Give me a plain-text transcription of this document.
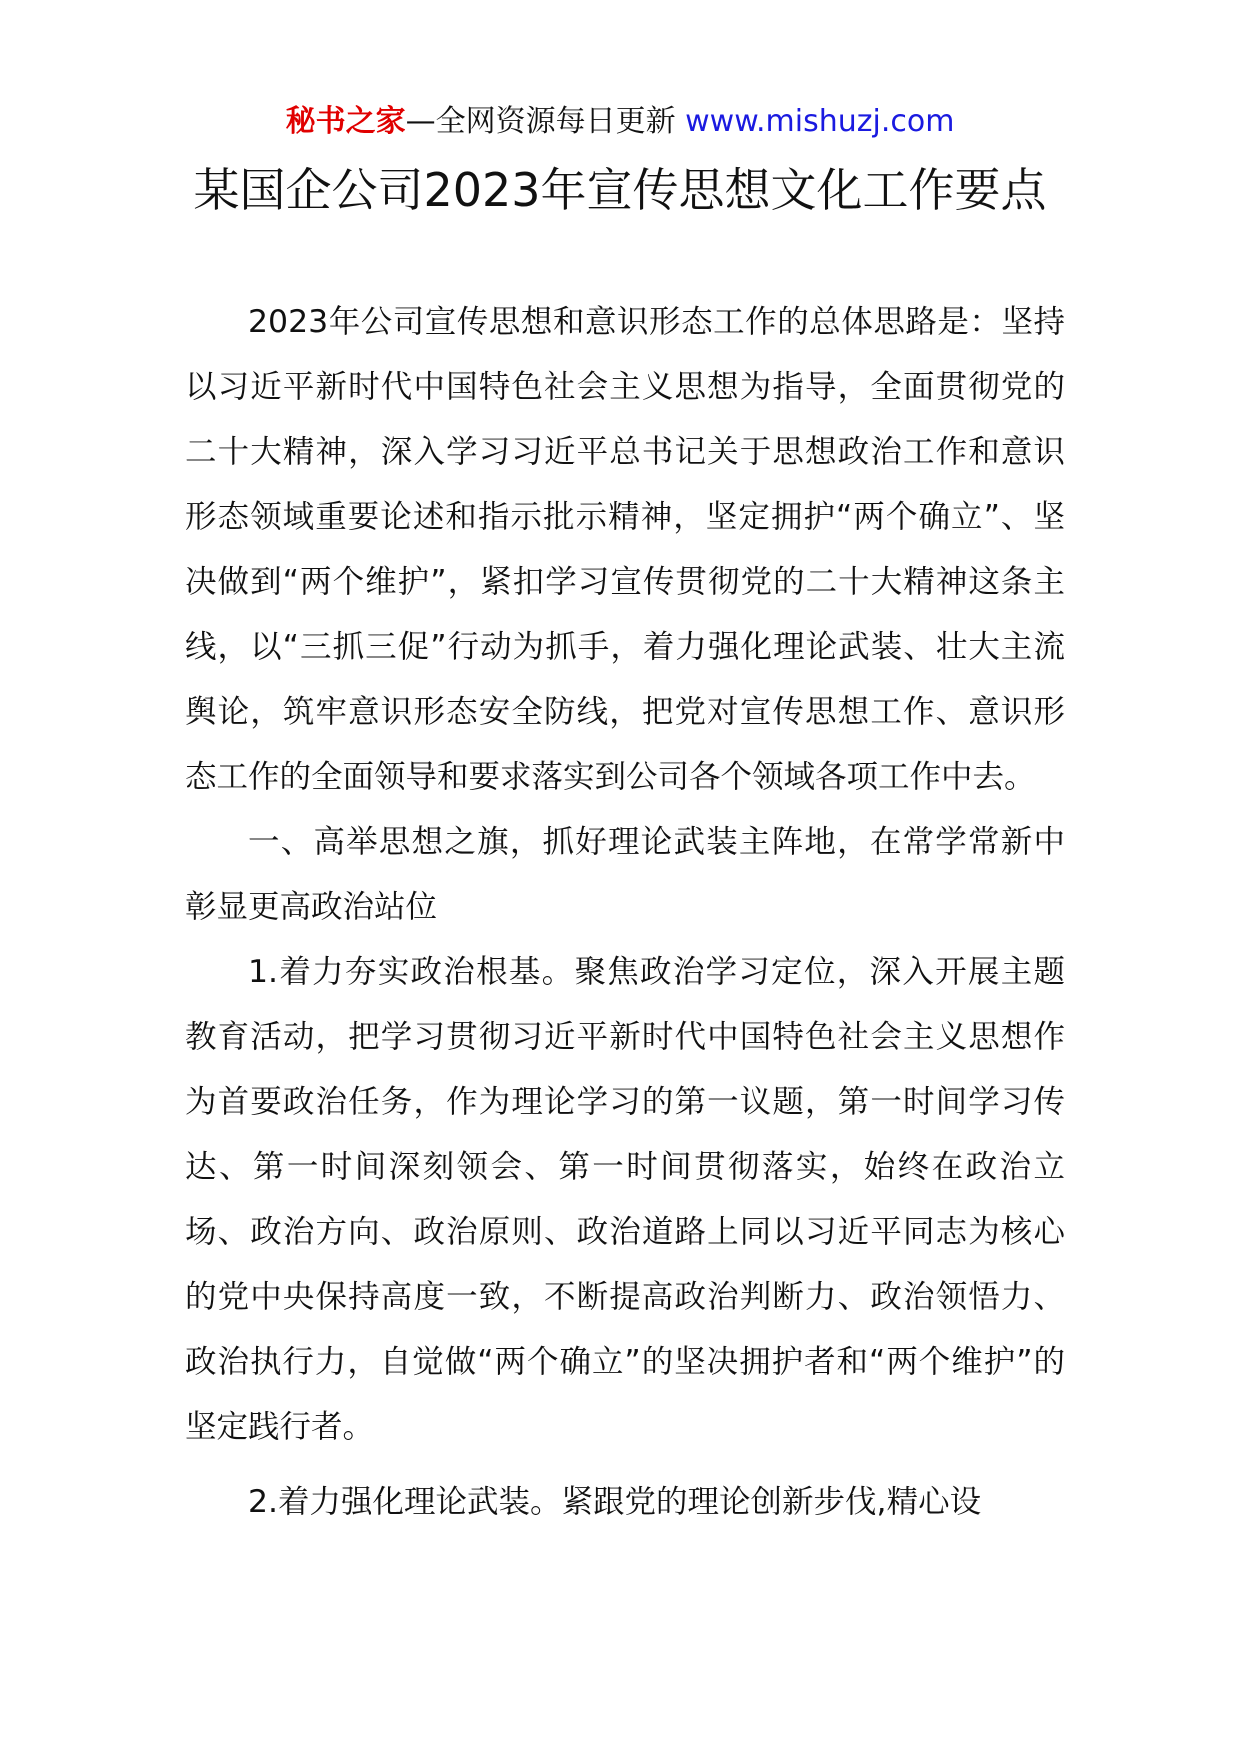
秘书之家—全网资源每日更新 www.mishuzj.com
某国企公司2023年宣传思想文化工作要点

2023年公司宣传思想和意识形态工作的总体思路是：坚持以习近平新时代中国特色社会主义思想为指导，全面贯彻党的二十大精神，深入学习习近平总书记关于思想政治工作和意识形态领域重要论述和指示批示精神，坚定拥护“两个确立”、坚决做到“两个维护”，紧扣学习宣传贯彻党的二十大精神这条主线，以“三抓三促”行动为抓手，着力强化理论武装、壮大主流舆论，筑牢意识形态安全防线，把党对宣传思想工作、意识形态工作的全面领导和要求落实到公司各个领域各项工作中去。

一、高举思想之旗，抓好理论武装主阵地，在常学常新中彰显更高政治站位

1.着力夯实政治根基。聚焦政治学习定位，深入开展主题教育活动，把学习贯彻习近平新时代中国特色社会主义思想作为首要政治任务，作为理论学习的第一议题，第一时间学习传达、第一时间深刻领会、第一时间贯彻落实，始终在政治立场、政治方向、政治原则、政治道路上同以习近平同志为核心的党中央保持高度一致，不断提高政治判断力、政治领悟力、政治执行力，自觉做“两个确立”的坚决拥护者和“两个维护”的坚定践行者。

2.着力强化理论武装。紧跟党的理论创新步伐,精心设
